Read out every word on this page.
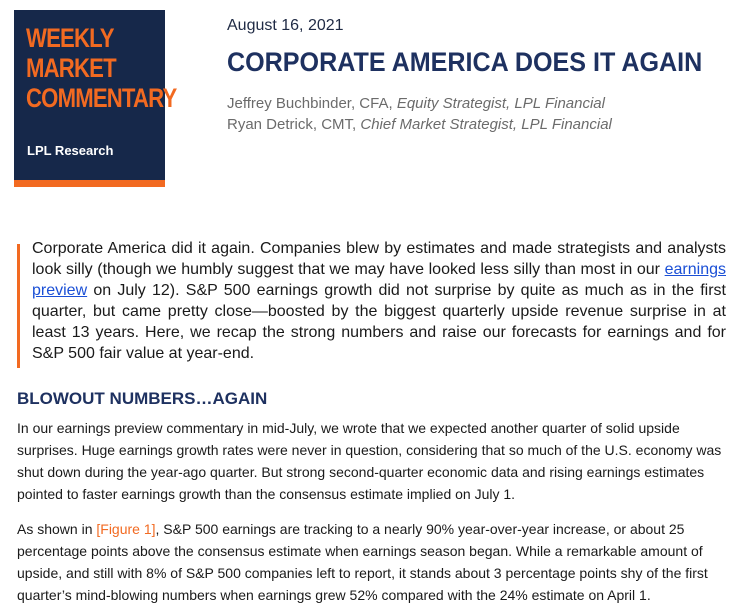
WEEKLY
MARKET
COMMENTARY
LPL Research
August 16, 2021
CORPORATE AMERICA DOES IT AGAIN
Jeffrey Buchbinder, CFA, Equity Strategist, LPL Financial
Ryan Detrick, CMT, Chief Market Strategist, LPL Financial

Corporate America did it again. Companies blew by estimates and made strategists and analysts look silly (though we humbly suggest that we may have looked less silly than most in our earnings preview on July 12). S&P 500 earnings growth did not surprise by quite as much as in the first quarter, but came pretty close—boosted by the biggest quarterly upside revenue surprise in at least 13 years. Here, we recap the strong numbers and raise our forecasts for earnings and for S&P 500 fair value at year-end.

BLOWOUT NUMBERS…AGAIN

In our earnings preview commentary in mid-July, we wrote that we expected another quarter of solid upside surprises. Huge earnings growth rates were never in question, considering that so much of the U.S. economy was shut down during the year-ago quarter. But strong second-quarter economic data and rising earnings estimates pointed to faster earnings growth than the consensus estimate implied on July 1.

As shown in [Figure 1], S&P 500 earnings are tracking to a nearly 90% year-over-year increase, or about 25 percentage points above the consensus estimate when earnings season began. While a remarkable amount of upside, and still with 8% of S&P 500 companies left to report, it stands about 3 percentage points shy of the first quarter’s mind-blowing numbers when earnings grew 52% compared with the 24% estimate on April 1.
